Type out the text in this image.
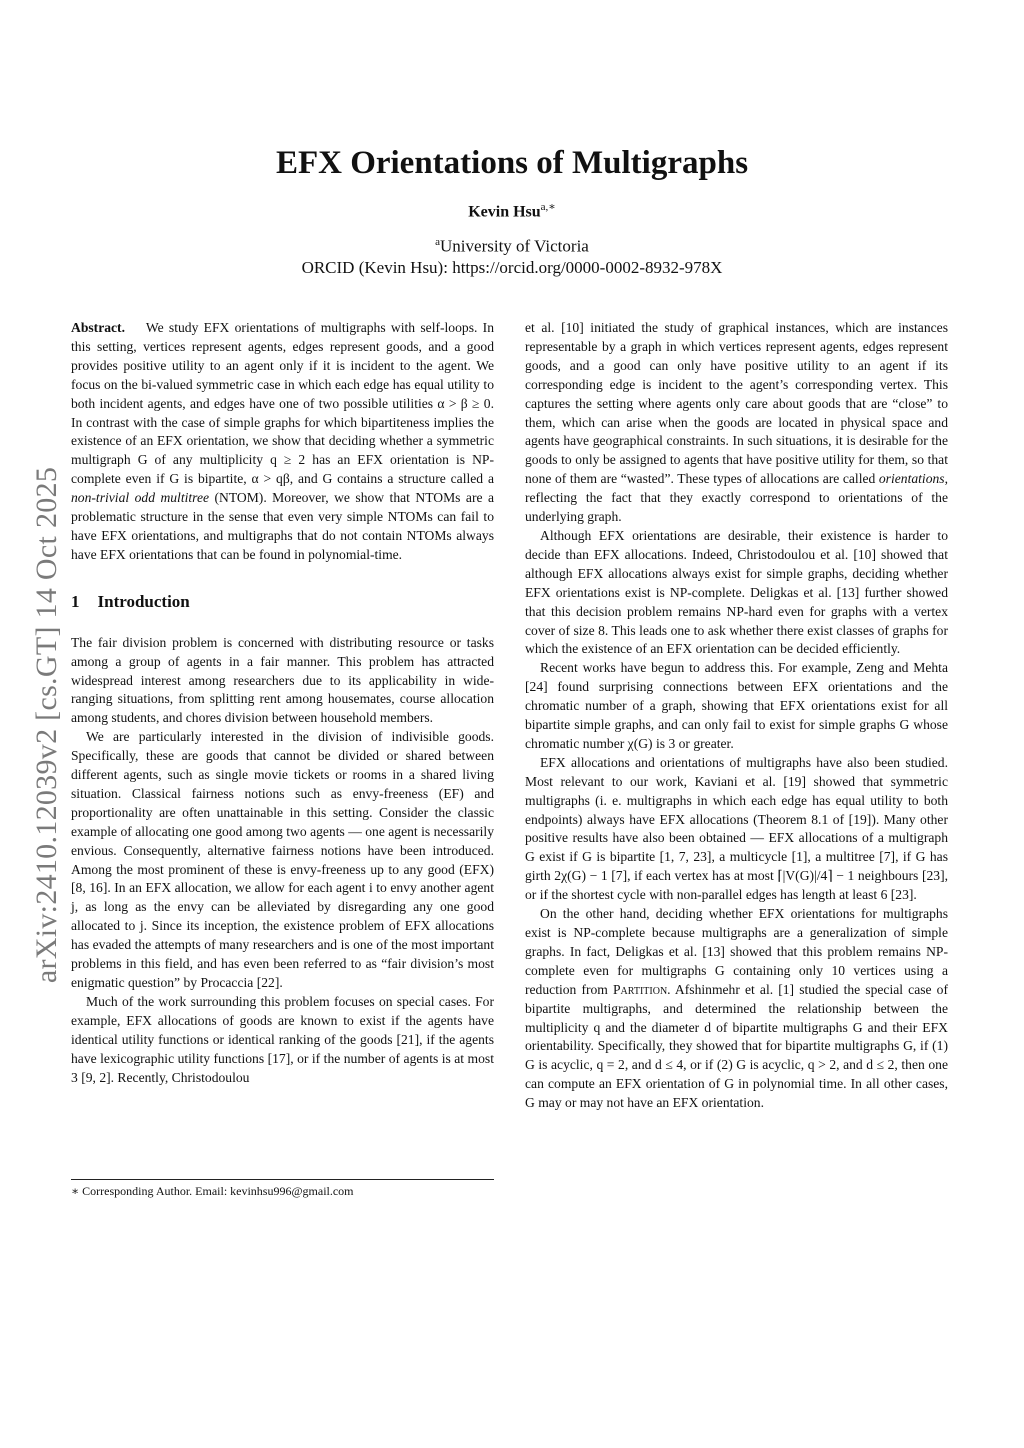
arXiv:2410.12039v2 [cs.GT] 14 Oct 2025
EFX Orientations of Multigraphs
Kevin Hsu$^{a,∗}$
$^a$University of Victoria
ORCID (Kevin Hsu): https://orcid.org/0000-0002-8932-978X

Abstract. We study EFX orientations of multigraphs with self-loops. In this setting, vertices represent agents, edges represent goods, and a good provides positive utility to an agent only if it is incident to the agent. We focus on the bi-valued symmetric case in which each edge has equal utility to both incident agents, and edges have one of two possible utilities α > β ≥ 0. In contrast with the case of simple graphs for which bipartiteness implies the existence of an EFX orientation, we show that deciding whether a symmetric multigraph G of any multiplicity q ≥ 2 has an EFX orientation is NP-complete even if G is bipartite, α > qβ, and G contains a structure called a non-trivial odd multitree (NTOM). Moreover, we show that NTOMs are a problematic structure in the sense that even very simple NTOMs can fail to have EFX orientations, and multigraphs that do not contain NTOMs always have EFX orientations that can be found in polynomial-time.

1 Introduction

The fair division problem is concerned with distributing resource or tasks among a group of agents in a fair manner. This problem has attracted widespread interest among researchers due to its applicability in wide-ranging situations, from splitting rent among housemates, course allocation among students, and chores division between household members.

We are particularly interested in the division of indivisible goods. Specifically, these are goods that cannot be divided or shared between different agents, such as single movie tickets or rooms in a shared living situation. Classical fairness notions such as envy-freeness (EF) and proportionality are often unattainable in this setting. Consider the classic example of allocating one good among two agents — one agent is necessarily envious. Consequently, alternative fairness notions have been introduced. Among the most prominent of these is envy-freeness up to any good (EFX) [8, 16]. In an EFX allocation, we allow for each agent i to envy another agent j, as long as the envy can be alleviated by disregarding any one good allocated to j. Since its inception, the existence problem of EFX allocations has evaded the attempts of many researchers and is one of the most important problems in this field, and has even been referred to as “fair division’s most enigmatic question” by Procaccia [22].

Much of the work surrounding this problem focuses on special cases. For example, EFX allocations of goods are known to exist if the agents have identical utility functions or identical ranking of the goods [21], if the agents have lexicographic utility functions [17], or if the number of agents is at most 3 [9, 2]. Recently, Christodoulou

et al. [10] initiated the study of graphical instances, which are instances representable by a graph in which vertices represent agents, edges represent goods, and a good can only have positive utility to an agent if its corresponding edge is incident to the agent’s corresponding vertex. This captures the setting where agents only care about goods that are “close” to them, which can arise when the goods are located in physical space and agents have geographical constraints. In such situations, it is desirable for the goods to only be assigned to agents that have positive utility for them, so that none of them are “wasted”. These types of allocations are called orientations, reflecting the fact that they exactly correspond to orientations of the underlying graph.

Although EFX orientations are desirable, their existence is harder to decide than EFX allocations. Indeed, Christodoulou et al. [10] showed that although EFX allocations always exist for simple graphs, deciding whether EFX orientations exist is NP-complete. Deligkas et al. [13] further showed that this decision problem remains NP-hard even for graphs with a vertex cover of size 8. This leads one to ask whether there exist classes of graphs for which the existence of an EFX orientation can be decided efficiently.

Recent works have begun to address this. For example, Zeng and Mehta [24] found surprising connections between EFX orientations and the chromatic number of a graph, showing that EFX orientations exist for all bipartite simple graphs, and can only fail to exist for simple graphs G whose chromatic number χ(G) is 3 or greater.

EFX allocations and orientations of multigraphs have also been studied. Most relevant to our work, Kaviani et al. [19] showed that symmetric multigraphs (i. e. multigraphs in which each edge has equal utility to both endpoints) always have EFX allocations (Theorem 8.1 of [19]). Many other positive results have also been obtained — EFX allocations of a multigraph G exist if G is bipartite [1, 7, 23], a multicycle [1], a multitree [7], if G has girth 2χ(G) − 1 [7], if each vertex has at most ⌈|V(G)|/4⌉ − 1 neighbours [23], or if the shortest cycle with non-parallel edges has length at least 6 [23].

On the other hand, deciding whether EFX orientations for multigraphs exist is NP-complete because multigraphs are a generalization of simple graphs. In fact, Deligkas et al. [13] showed that this problem remains NP-complete even for multigraphs G containing only 10 vertices using a reduction from Partition. Afshinmehr et al. [1] studied the special case of bipartite multigraphs, and determined the relationship between the multiplicity q and the diameter d of bipartite multigraphs G and their EFX orientability. Specifically, they showed that for bipartite multigraphs G, if (1) G is acyclic, q = 2, and d ≤ 4, or if (2) G is acyclic, q > 2, and d ≤ 2, then one can compute an EFX orientation of G in polynomial time. In all other cases, G may or may not have an EFX orientation.

∗ Corresponding Author. Email: kevinhsu996@gmail.com
